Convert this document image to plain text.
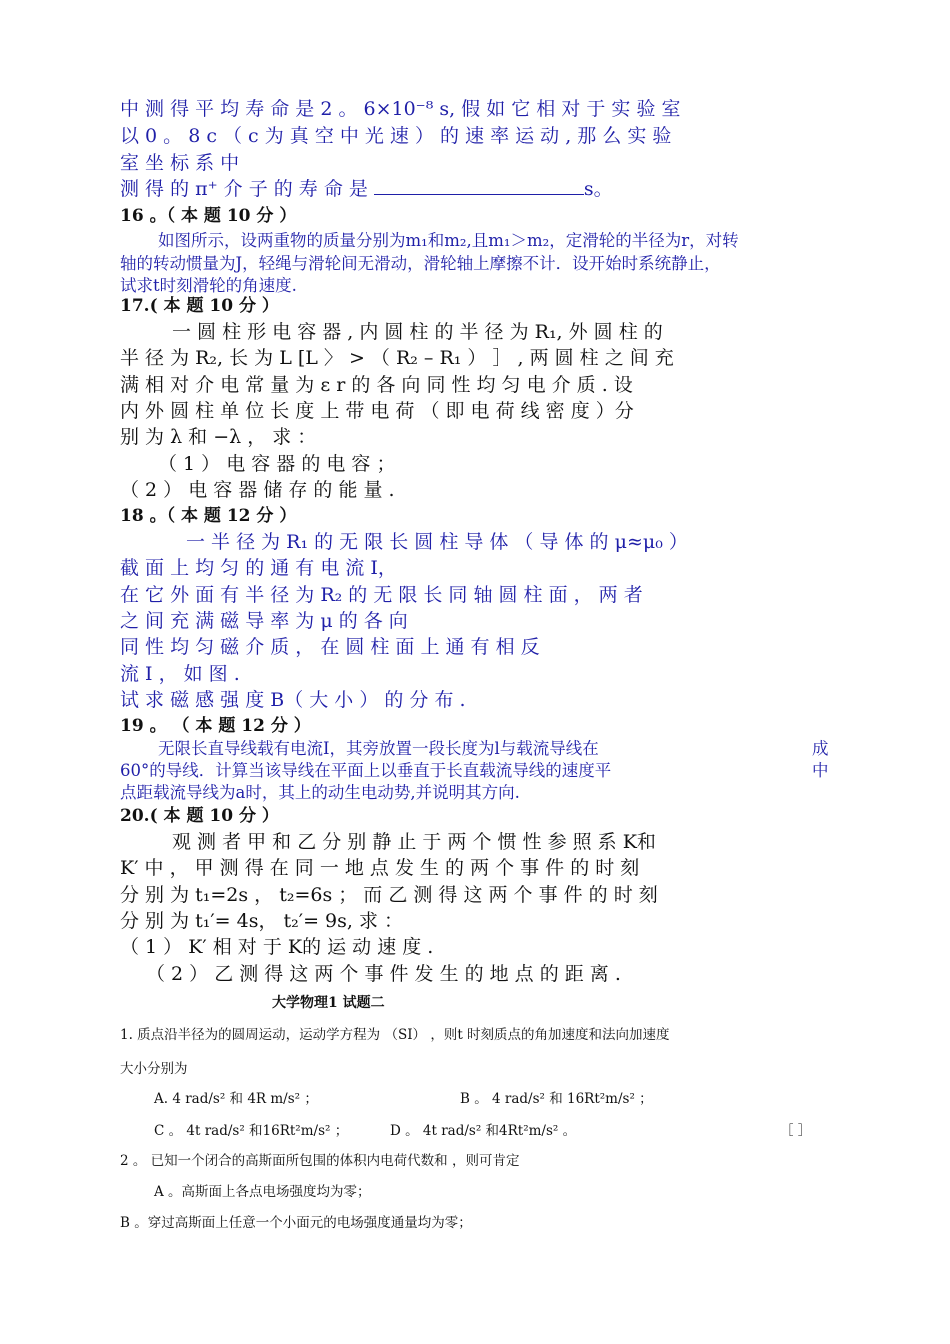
中 测 得 平 均 寿 命 是 2 。 6×10⁻⁸ s, 假 如 它 相 对 于 实 验 室
以 0 。 8 c （ c 为 真 空 中 光 速 ） 的 速 率 运 动 , 那 么 实 验
室 坐 标 系 中
测 得 的 π⁺ 介 子 的 寿 命 是	s。
16 。（ 本 题 10 分 ）
如图所示，设两重物的质量分别为m₁和m₂,且m₁＞m₂，定滑轮的半径为r，对转
轴的转动惯量为J，轻绳与滑轮间无滑动，滑轮轴上摩擦不计．设开始时系统静止，
试求t时刻滑轮的角速度.
17.( 本 题 10 分 ）
一 圆 柱 形 电 容 器 , 内 圆 柱 的 半 径 为 R₁, 外 圆 柱 的
半 径 为 R₂, 长 为 L [L 〉 > （ R₂ – R₁ ） ］ , 两 圆 柱 之 间 充
满 相 对 介 电 常 量 为 ε r 的 各 向 同 性 均 匀 电 介 质 . 设
内 外 圆 柱 单 位 长 度 上 带 电 荷 （ 即 电 荷 线 密 度 ）分
别 为 λ 和 −λ ， 求 ：
（ 1 ） 电 容 器 的 电 容 ；
（ 2 ） 电 容 器 储 存 的 能 量 .
18 。（ 本 题 12 分 ）
一 半 径 为 R₁ 的 无 限 长 圆 柱 导 体 （ 导 体 的 μ≈μ₀ ）
截 面 上 均 匀 的 通 有 电 流 I，
在 它 外 面 有 半 径 为 R₂ 的 无 限 长 同 轴 圆 柱 面 ， 两 者
之 间 充 满 磁 导 率 为 μ 的 各 向
同 性 均 匀 磁 介 质 ， 在 圆 柱 面 上 通 有 相 反
流 I ， 如 图 .
试 求 磁 感 强 度 B（ 大 小 ） 的 分 布 .
19 。 （ 本 题 12 分 ）
无限长直导线载有电流I，其旁放置一段长度为l与载流导线在	成
60°的导线．计算当该导线在平面上以垂直于长直载流导线的速度平	中
点距载流导线为a时，其上的动生电动势,并说明其方向.
20.( 本 题 10 分 ）
观 测 者 甲 和 乙 分 别 静 止 于 两 个 惯 性 参 照 系 K和
K′ 中 ， 甲 测 得 在 同 一 地 点 发 生 的 两 个 事 件 的 时 刻
分 别 为 t₁=2s ， t₂=6s ； 而 乙 测 得 这 两 个 事 件 的 时 刻
分 别 为 t₁′= 4s， t₂′= 9s, 求 ：
（ 1 ） K′ 相 对 于 K的 运 动 速 度 .
（ 2 ） 乙 测 得 这 两 个 事 件 发 生 的 地 点 的 距 离 .
大学物理1 试题二
1. 质点沿半径为的圆周运动，运动学方程为 （SI） ，则t 时刻质点的角加速度和法向加速度
大小分别为
A. 4 rad/s² 和 4R m/s² ；	B 。 4 rad/s² 和 16Rt²m/s² ；
C 。 4t rad/s² 和16Rt²m/s² ；	D 。 4t rad/s² 和4Rt²m/s² 。	［ ］
2 。 已知一个闭合的高斯面所包围的体积内电荷代数和 ，则可肯定
A 。高斯面上各点电场强度均为零；
B 。穿过高斯面上任意一个小面元的电场强度通量均为零；
